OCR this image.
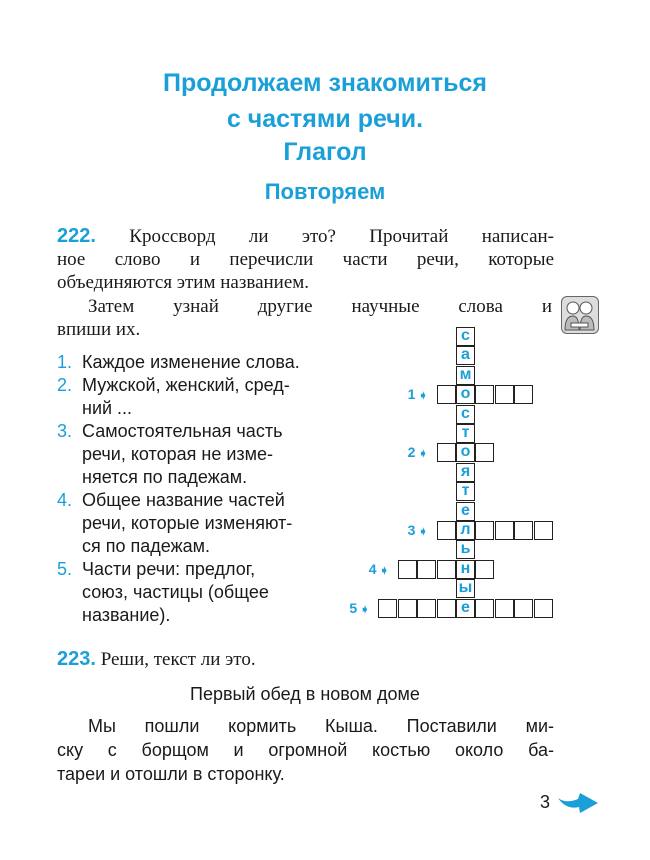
Продолжаем знакомиться
с частями речи.
Глагол
Повторяем
222. Кроссворд ли это? Прочитай написан-
ное слово и перечисли части речи, которые
объединяются этим названием.
Затем узнай другие научные слова и
впиши их.
1. Каждое изменение слова.
2. Мужской, женский, сред-
ний ...
3. Самостоятельная часть
речи, которая не изме-
няется по падежам.
4. Общее название частей
речи, которые изменяют-
ся по падежам.
5. Части речи: предлог,
союз, частицы (общее
название).
с
а
м
о
с
т
о
я
т
е
л
ь
н
ы
е
1 ➧
2 ➧
3 ➧
4 ➧
5 ➧
223. Реши, текст ли это.
Первый обед в новом доме
Мы пошли кормить Кыша. Поставили ми-
ску с борщом и огромной костью около ба-
тареи и отошли в сторонку.
3
